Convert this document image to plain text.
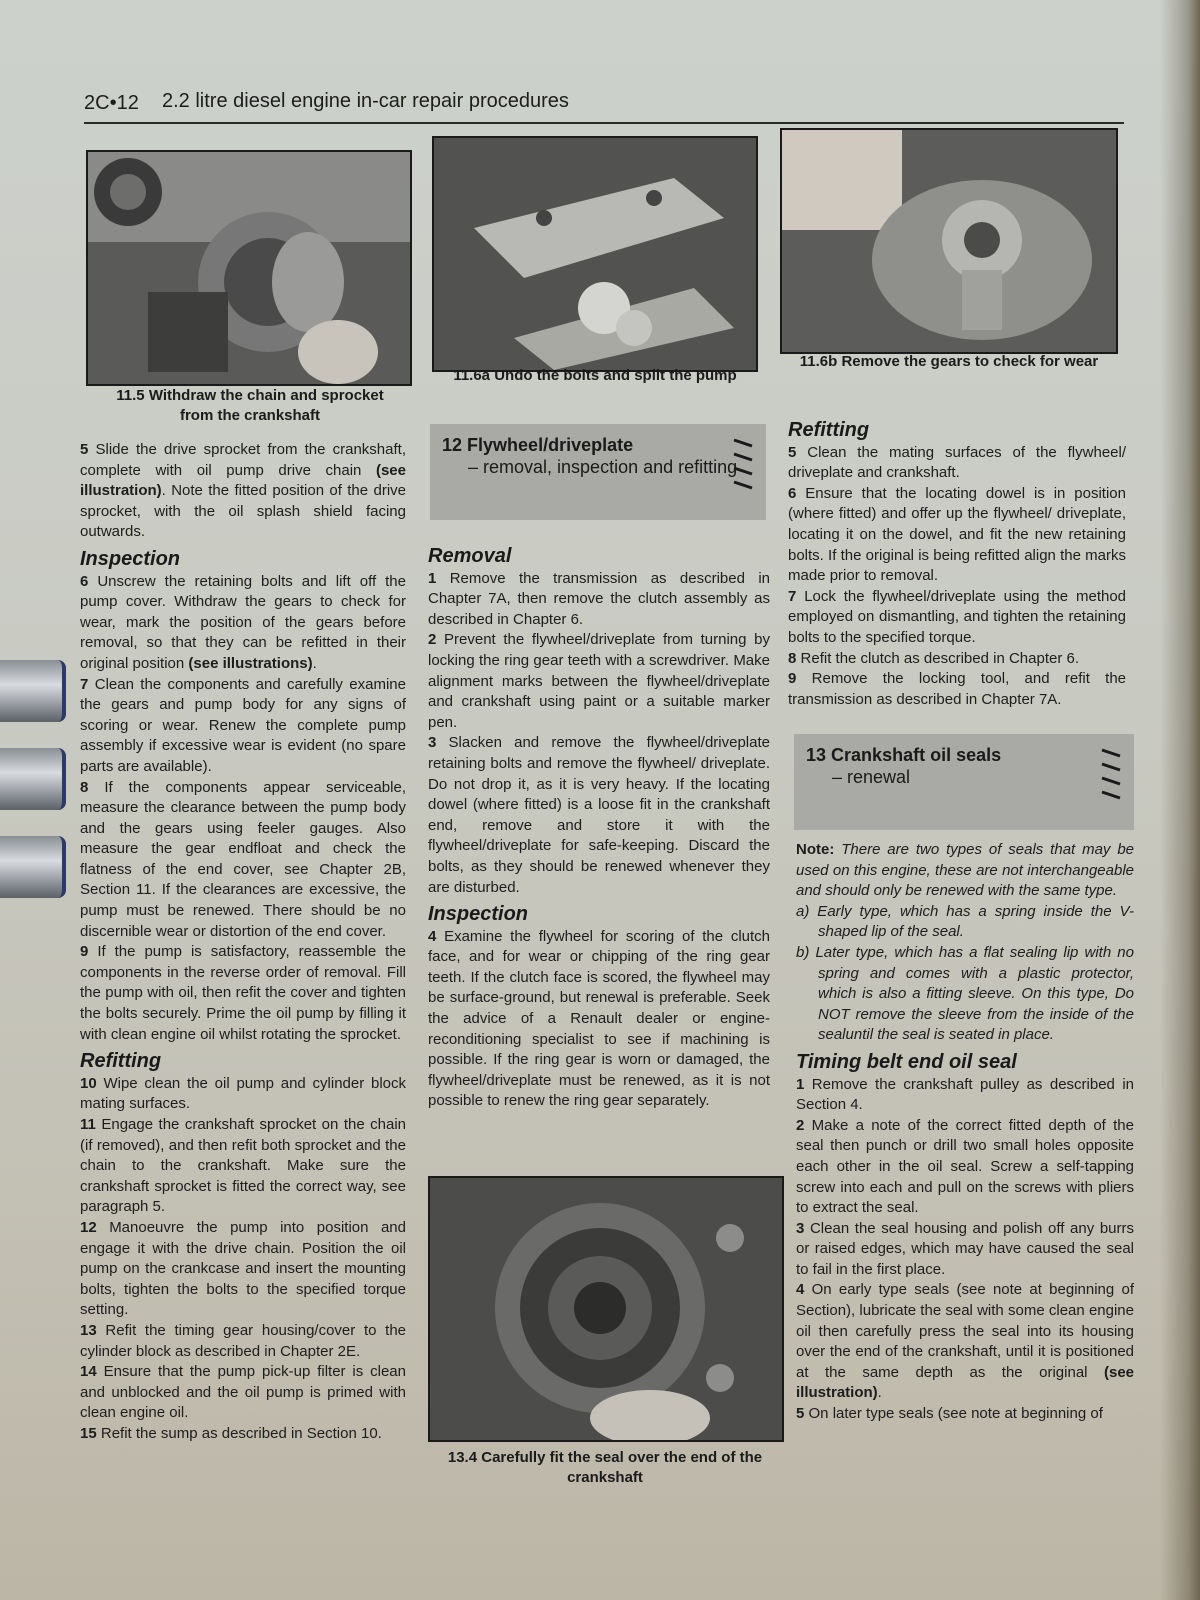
2C•12 2.2 litre diesel engine in-car repair procedures
11.5 Withdraw the chain and sprocket from the crankshaft
11.6a Undo the bolts and split the pump
11.6b Remove the gears to check for wear

5 Slide the drive sprocket from the crankshaft, complete with oil pump drive chain (see illustration). Note the fitted position of the drive sprocket, with the oil splash shield facing outwards.

Inspection

6 Unscrew the retaining bolts and lift off the pump cover. Withdraw the gears to check for wear, mark the position of the gears before removal, so that they can be refitted in their original position (see illustrations).

7 Clean the components and carefully examine the gears and pump body for any signs of scoring or wear. Renew the complete pump assembly if excessive wear is evident (no spare parts are available).

8 If the components appear serviceable, measure the clearance between the pump body and the gears using feeler gauges. Also measure the gear endfloat and check the flatness of the end cover, see Chapter 2B, Section 11. If the clearances are excessive, the pump must be renewed. There should be no discernible wear or distortion of the end cover.

9 If the pump is satisfactory, reassemble the components in the reverse order of removal. Fill the pump with oil, then refit the cover and tighten the bolts securely. Prime the oil pump by filling it with clean engine oil whilst rotating the sprocket.

Refitting

10 Wipe clean the oil pump and cylinder block mating surfaces.

11 Engage the crankshaft sprocket on the chain (if removed), and then refit both sprocket and the chain to the crankshaft. Make sure the crankshaft sprocket is fitted the correct way, see paragraph 5.

12 Manoeuvre the pump into position and engage it with the drive chain. Position the oil pump on the crankcase and insert the mounting bolts, tighten the bolts to the specified torque setting.

13 Refit the timing gear housing/cover to the cylinder block as described in Chapter 2E.

14 Ensure that the pump pick-up filter is clean and unblocked and the oil pump is primed with clean engine oil.

15 Refit the sump as described in Section 10.

12 Flywheel/driveplate
– removal, inspection and refitting
Removal

1 Remove the transmission as described in Chapter 7A, then remove the clutch assembly as described in Chapter 6.

2 Prevent the flywheel/driveplate from turning by locking the ring gear teeth with a screwdriver. Make alignment marks between the flywheel/driveplate and crankshaft using paint or a suitable marker pen.

3 Slacken and remove the flywheel/driveplate retaining bolts and remove the flywheel/ driveplate. Do not drop it, as it is very heavy. If the locating dowel (where fitted) is a loose fit in the crankshaft end, remove and store it with the flywheel/driveplate for safe-keeping. Discard the bolts, as they should be renewed whenever they are disturbed.

Inspection

4 Examine the flywheel for scoring of the clutch face, and for wear or chipping of the ring gear teeth. If the clutch face is scored, the flywheel may be surface-ground, but renewal is preferable. Seek the advice of a Renault dealer or engine-reconditioning specialist to see if machining is possible. If the ring gear is worn or damaged, the flywheel/driveplate must be renewed, as it is not possible to renew the ring gear separately.

13.4 Carefully fit the seal over the end of the crankshaft
Refitting

5 Clean the mating surfaces of the flywheel/ driveplate and crankshaft.

6 Ensure that the locating dowel is in position (where fitted) and offer up the flywheel/ driveplate, locating it on the dowel, and fit the new retaining bolts. If the original is being refitted align the marks made prior to removal.

7 Lock the flywheel/driveplate using the method employed on dismantling, and tighten the retaining bolts to the specified torque.

8 Refit the clutch as described in Chapter 6.

9 Remove the locking tool, and refit the transmission as described in Chapter 7A.

13 Crankshaft oil seals
– renewal

Note: There are two types of seals that may be used on this engine, these are not interchangeable and should only be renewed with the same type.

a) Early type, which has a spring inside the V-shaped lip of the seal.

b) Later type, which has a flat sealing lip with no spring and comes with a plastic protector, which is also a fitting sleeve. On this type, Do NOT remove the sleeve from the inside of the sealuntil the seal is seated in place.

Timing belt end oil seal

1 Remove the crankshaft pulley as described in Section 4.

2 Make a note of the correct fitted depth of the seal then punch or drill two small holes opposite each other in the oil seal. Screw a self-tapping screw into each and pull on the screws with pliers to extract the seal.

3 Clean the seal housing and polish off any burrs or raised edges, which may have caused the seal to fail in the first place.

4 On early type seals (see note at beginning of Section), lubricate the seal with some clean engine oil then carefully press the seal into its housing over the end of the crankshaft, until it is positioned at the same depth as the original (see illustration).

5 On later type seals (see note at beginning of
